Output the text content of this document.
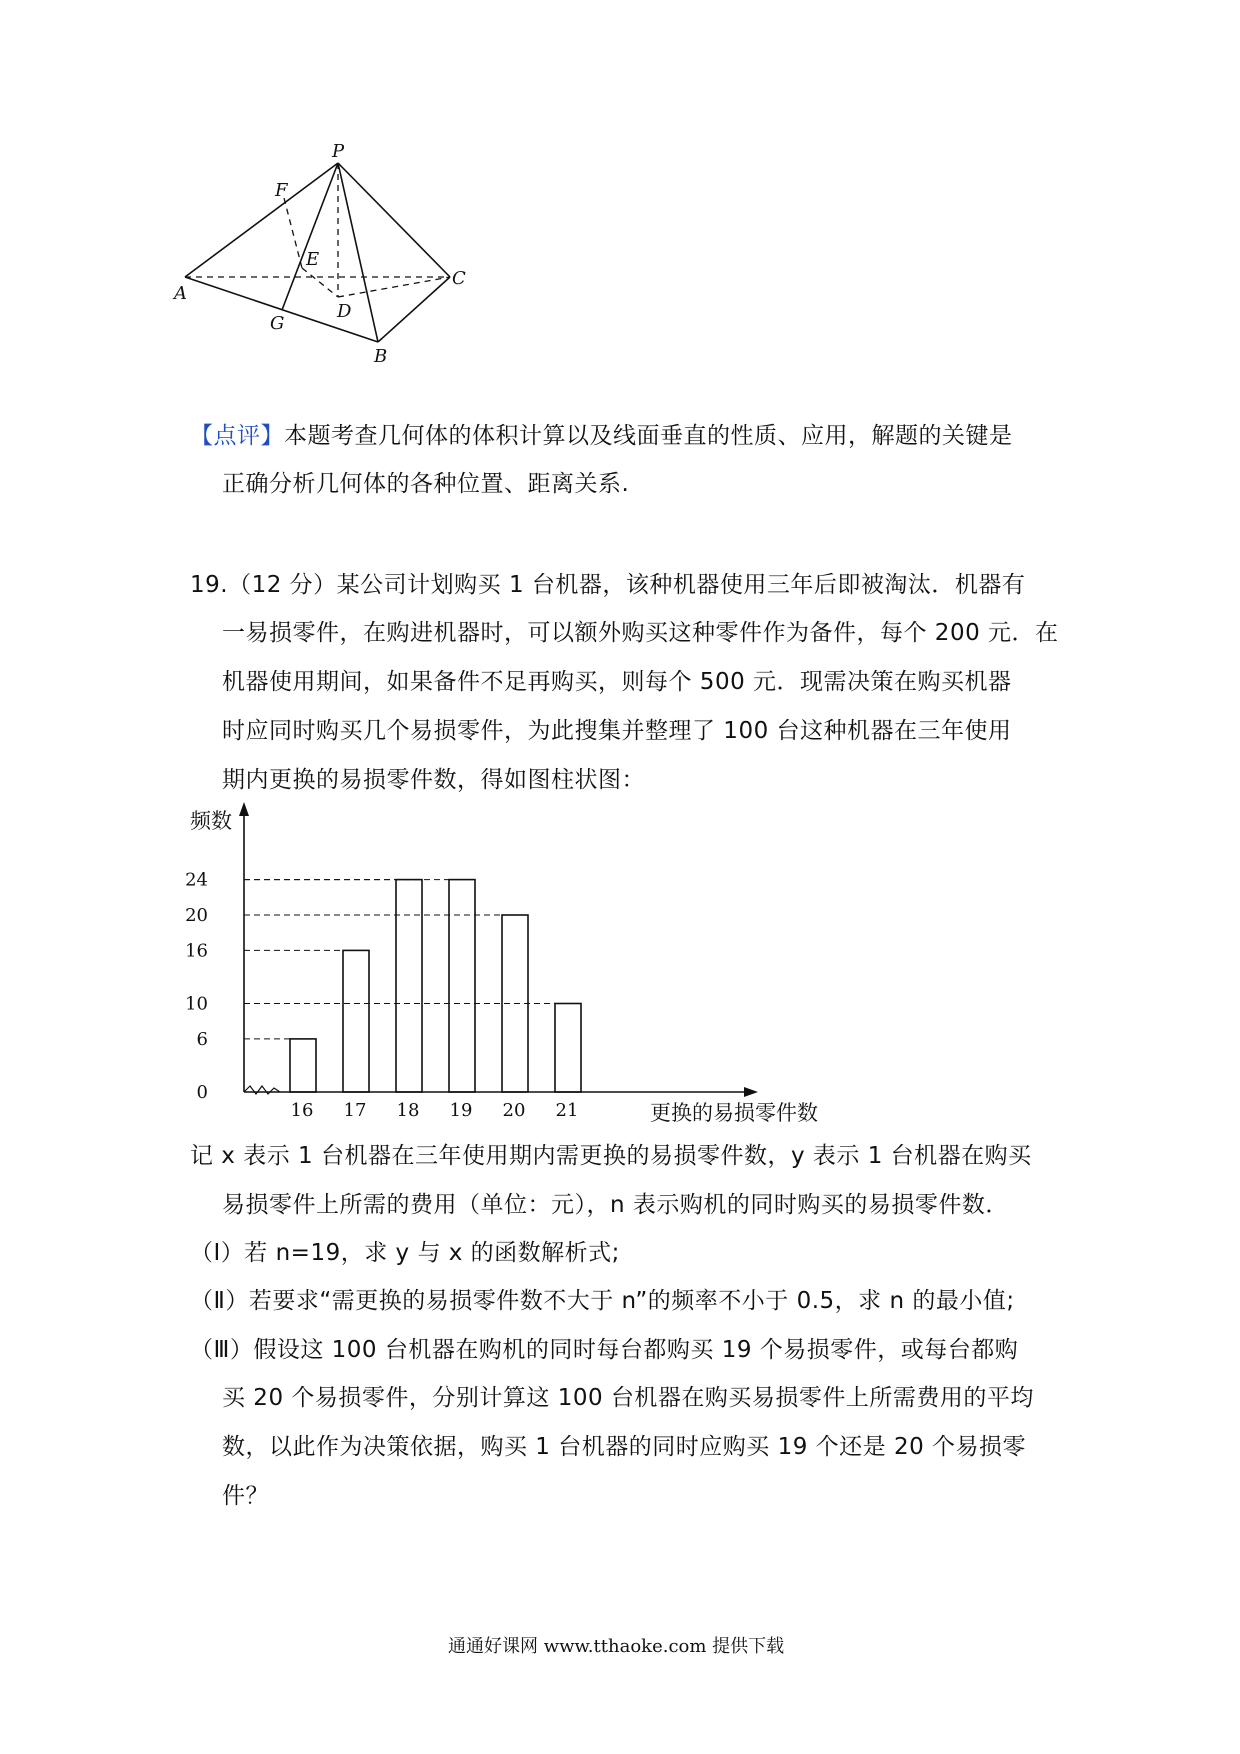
P
F
E
A
C
D
G
B
【点评】本题考查几何体的体积计算以及线面垂直的性质、应用，解题的关键是
正确分析几何体的各种位置、距离关系.
19.（12 分）某公司计划购买 1 台机器，该种机器使用三年后即被淘汰．机器有
一易损零件，在购进机器时，可以额外购买这种零件作为备件，每个 200 元．在
机器使用期间，如果备件不足再购买，则每个 500 元．现需决策在购买机器
时应同时购买几个易损零件，为此搜集并整理了 100 台这种机器在三年使用
期内更换的易损零件数，得如图柱状图：
0
6
10
16
20
24
16 17 18 19 20 21
频数
更换的易损零件数
记 x 表示 1 台机器在三年使用期内需更换的易损零件数，y 表示 1 台机器在购买
易损零件上所需的费用（单位：元），n 表示购机的同时购买的易损零件数．
（Ⅰ）若 n=19，求 y 与 x 的函数解析式;
（Ⅱ）若要求“需更换的易损零件数不大于 n”的频率不小于 0.5，求 n 的最小值;
（Ⅲ）假设这 100 台机器在购机的同时每台都购买 19 个易损零件，或每台都购
买 20 个易损零件，分别计算这 100 台机器在购买易损零件上所需费用的平均
数，以此作为决策依据，购买 1 台机器的同时应购买 19 个还是 20 个易损零
件？
通通好课网 www.tthaoke.com 提供下载
